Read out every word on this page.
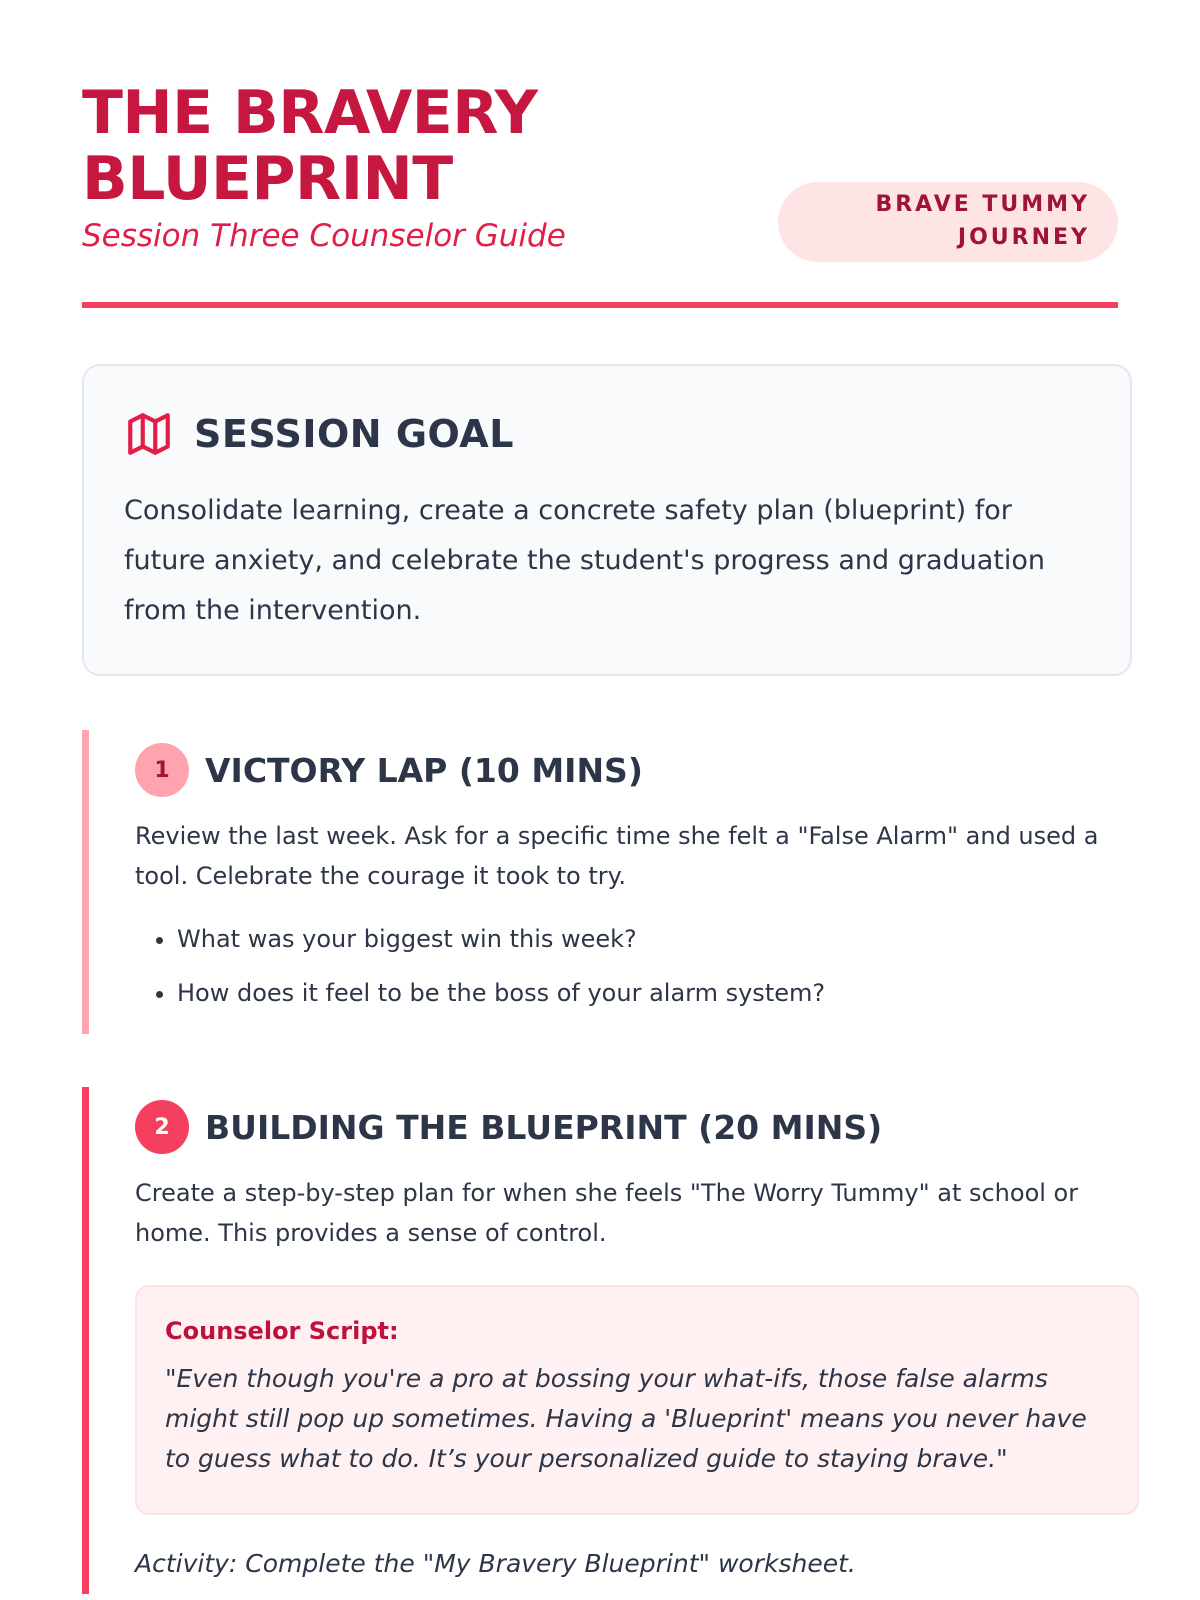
THE BRAVERY BLUEPRINT

Session Three Counselor Guide

BRAVE TUMMY JOURNEY
SESSION GOAL

Consolidate learning, create a concrete safety plan (blueprint) for future anxiety, and celebrate the student's progress and graduation from the intervention.

1	VICTORY LAP (10 MINS)

Review the last week. Ask for a specific time she felt a "False Alarm" and used a tool. Celebrate the courage it took to try.

• What was your biggest win this week?
• How does it feel to be the boss of your alarm system?
2	BUILDING THE BLUEPRINT (20 MINS)

Create a step-by-step plan for when she feels "The Worry Tummy" at school or home. This provides a sense of control.

Counselor Script:

"Even though you're a pro at bossing your what-ifs, those false alarms might still pop up sometimes. Having a 'Blueprint' means you never have to guess what to do. It’s your personalized guide to staying brave."

Activity: Complete the "My Bravery Blueprint" worksheet.
